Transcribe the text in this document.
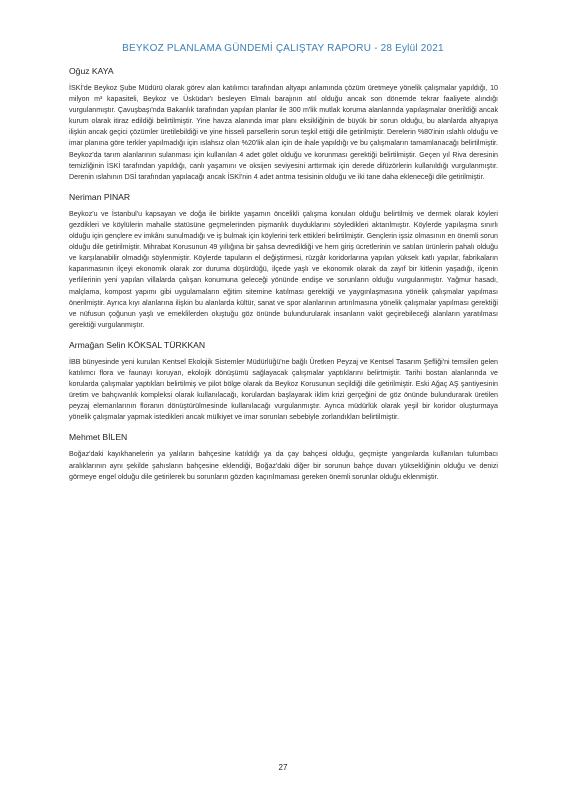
BEYKOZ PLANLAMA GÜNDEMİ ÇALIŞTAY RAPORU - 28 Eylül 2021

Oğuz KAYA

İSKİ'de Beykoz Şube Müdürü olarak görev alan katılımcı tarafından altyapı anlamında çözüm üretmeye yönelik çalışmalar yapıldığı, 10 milyon m³ kapasiteli, Beykoz ve Üsküdar'ı besleyen Elmalı barajının atıl olduğu ancak son dönemde tekrar faaliyete alındığı vurgulanmıştır. Çavuşbaşı'nda Bakanlık tarafından yapılan planlar ile 300 m'lik mutlak koruma alanlarında yapılaşmalar önerildiği ancak kurum olarak itiraz edildiği belirtilmiştir. Yine havza alanında imar planı eksikliğinin de büyük bir sorun olduğu, bu alanlarda altyapıya ilişkin ancak geçici çözümler üretilebildiği ve yine hisseli parsellerin sorun teşkil ettiği dile getirilmiştir. Derelerin %80'inin ıslahlı olduğu ve imar planına göre terkler yapılmadığı için ıslahsız olan %20'lik alan için de ihale yapıldığı ve bu çalışmaların tamamlanacağı belirtilmiştir. Beykoz'da tarım alanlarının sulanması için kullanılan 4 adet gölet olduğu ve korunması gerektiği belirtilmiştir. Geçen yıl Riva deresinin temizliğinin İSKİ tarafından yapıldığı, canlı yaşamını ve oksijen seviyesini arttırmak için derede difüzörlerin kullanıldığı vurgulanmıştır. Derenin ıslahının DSİ tarafından yapılacağı ancak İSKİ'nin 4 adet arıtma tesisinin olduğu ve iki tane daha ekleneceği dile getirilmiştir.

Neriman PINAR

Beykoz'u ve İstanbul'u kapsayan ve doğa ile birlikte yaşamın öncelikli çalışma konuları olduğu belirtilmiş ve dermek olarak köyleri gezdikleri ve köylülerin mahalle statüsüne geçmelerinden pişmanlık duyduklarını söyledikleri aktarılmıştır. Köylerde yapılaşma sınırlı olduğu için gençlere ev imkânı sunulmadığı ve iş bulmak için köylerini terk ettikleri belirtilmiştir. Gençlerin işsiz olmasının en önemli sorun olduğu dile getirilmiştir. Mihrabat Korusunun 49 yıllığına bir şahsa devredildiği ve hem giriş ücretlerinin ve satılan ürünlerin pahalı olduğu ve karşılanabilir olmadığı söylenmiştir. Köylerde tapuların el değiştirmesi, rüzgâr koridorlarına yapılan yüksek katlı yapılar, fabrikaların kapanmasının ilçeyi ekonomik olarak zor duruma düşürdüğü, ilçede yaşlı ve ekonomik olarak da zayıf bir kitlenin yaşadığı, ilçenin yerlilerinin yeni yapılan villalarda çalışan konumuna geleceği yönünde endişe ve sorunların olduğu vurgulanmıştır. Yağmur hasadı, malçlama, kompost yapımı gibi uygulamaların eğitim sitemine katılması gerektiği ve yaygınlaşmasına yönelik çalışmalar yapılması önerilmiştir. Ayrıca kıyı alanlarına ilişkin bu alanlarda kültür, sanat ve spor alanlarının artırılmasına yönelik çalışmalar yapılması gerektiği ve nüfusun çoğunun yaşlı ve emeklilerden oluştuğu göz önünde bulundurularak insanların vakit geçirebileceği alanların yaratılması gerektiği vurgulanmıştır.

Armağan Selin KÖKSAL TÜRKKAN

İBB bünyesinde yeni kurulan Kentsel Ekolojik Sistemler Müdürlüğü'ne bağlı Üretken Peyzaj ve Kentsel Tasarım Şefliği'ni temsilen gelen katılımcı flora ve faunayı koruyan, ekolojik dönüşümü sağlayacak çalışmalar yaptıklarını belirtmiştir. Tarihi bostan alanlarında ve korularda çalışmalar yaptıkları belirtilmiş ve pilot bölge olarak da Beykoz Korusunun seçildiği dile getirilmiştir. Eski Ağaç AŞ şantiyesinin üretim ve bahçıvanlık kompleksi olarak kullanılacağı, korulardan başlayarak iklim krizi gerçeğini de göz önünde bulundurarak üretilen peyzaj elemanlarının floranın dönüştürülmesinde kullanılacağı vurgulanmıştır. Ayrıca müdürlük olarak yeşil bir koridor oluşturmaya yönelik çalışmalar yapmak istedikleri ancak mülkiyet ve imar sorunları sebebiyle zorlandıkları belirtilmiştir.

Mehmet BİLEN

Boğaz'daki kayıkhanelerin ya yalıların bahçesine katıldığı ya da çay bahçesi olduğu, geçmişte yangınlarda kullanılan tulumbacı aralıklarının aynı şekilde şahısların bahçesine eklendiği, Boğaz'daki diğer bir sorunun bahçe duvarı yüksekliğinin olduğu ve denizi görmeye engel olduğu dile getirilerek bu sorunların gözden kaçırılmaması gereken önemli sorunlar olduğu eklenmiştir.

27
